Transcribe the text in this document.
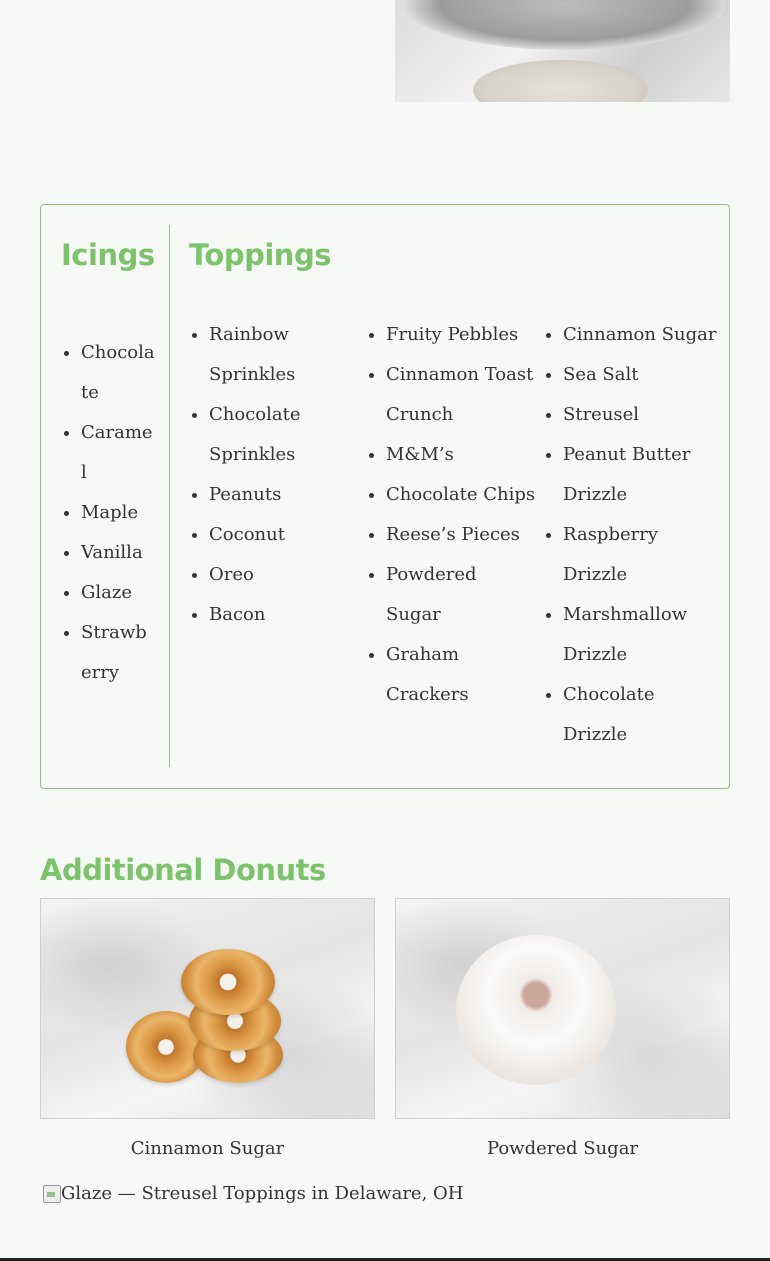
Icings
• Chocolate
• Caramel
• Maple
• Vanilla
• Glaze
• Strawberry
Toppings
• Rainbow Sprinkles
• Chocolate Sprinkles
• Peanuts
• Coconut
• Oreo
• Bacon
• Fruity Pebbles
• Cinnamon Toast Crunch
• M&M’s
• Chocolate Chips
• Reese’s Pieces
• Powdered Sugar
• Graham Crackers
• Cinnamon Sugar
• Sea Salt
• Streusel
• Peanut Butter Drizzle
• Raspberry Drizzle
• Marshmallow Drizzle
• Chocolate Drizzle
Additional Donuts
Cinnamon Sugar	Powdered Sugar
Glaze — Streusel Toppings in Delaware, OH
